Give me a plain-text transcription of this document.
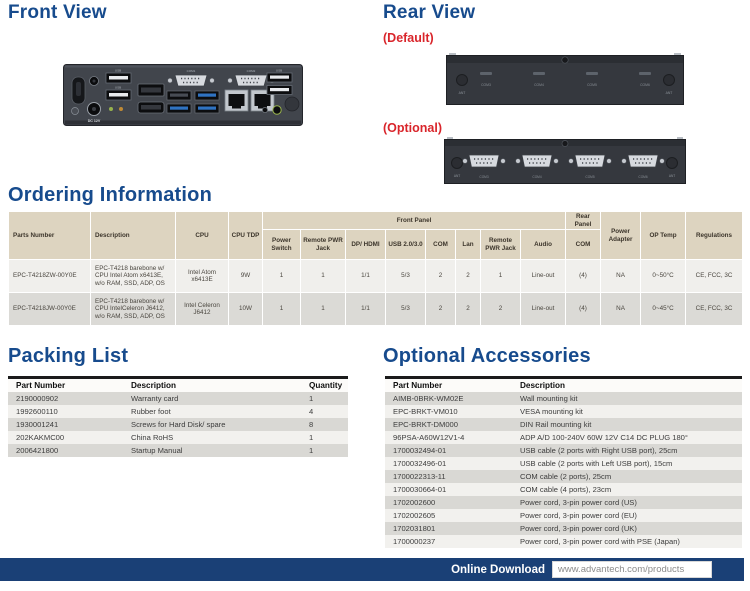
Front View
DC 12V
USB
USB
COM1	COM2	USB
Rear View
(Default)
ANT	ANT
COM3	COM4	COM5	COM6
(Optional)
ANT	ANT
COM3	COM4	COM5	COM6
Ordering Information
Parts Number	Description	CPU	CPU TDP	Front Panel								Rear Panel	Power Adapter	OP Temp	Regulations
				Power Switch	Remote PWR Jack	DP/ HDMI	USB 2.0/3.0	COM	Lan	Remote PWR Jack	Audio	COM			
EPC-T4218ZW-00Y0E	EPC-T4218 barebone w/ CPU Intel Atom x6413E, w/o RAM, SSD, ADP, OS	Intel Atom x6413E	9W	1	1	1/1	5/3	2	2	1	Line-out	(4)	NA	0~50°C	CE, FCC, 3C
EPC-T4218JW-00Y0E	EPC-T4218 barebone w/ CPU IntelCeleron J6412, w/o RAM, SSD, ADP, OS	Intel Celeron J6412	10W	1	1	1/1	5/3	2	2	2	Line-out	(4)	NA	0~45°C	CE, FCC, 3C
Packing List
Part Number	Description	Quantity
2190000902	Warranty card	1
1992600110	Rubber foot	4
1930001241	Screws for Hard Disk/ spare	8
202KAKMC00	China RoHS	1
2006421800	Startup Manual	1
Optional Accessories
Part Number	Description
AIMB-0BRK-WM02E	Wall mounting kit
EPC-BRKT-VM010	VESA mounting kit
EPC-BRKT-DM000	DIN Rail mounting kit
96PSA-A60W12V1-4	ADP A/D 100-240V 60W 12V C14 DC PLUG 180°
1700032494-01	USB cable (2 ports with Right USB port), 25cm
1700032496-01	USB cable (2 ports with Left USB port), 15cm
1700022313-11	COM cable (2 ports), 25cm
1700030664-01	COM cable (4 ports), 23cm
1702002600	Power cord, 3-pin power cord (US)
1702002605	Power cord, 3-pin power cord (EU)
1702031801	Power cord, 3-pin power cord (UK)
1700000237	Power cord, 3-pin power cord with PSE (Japan)
Online Download	www.advantech.com/products
